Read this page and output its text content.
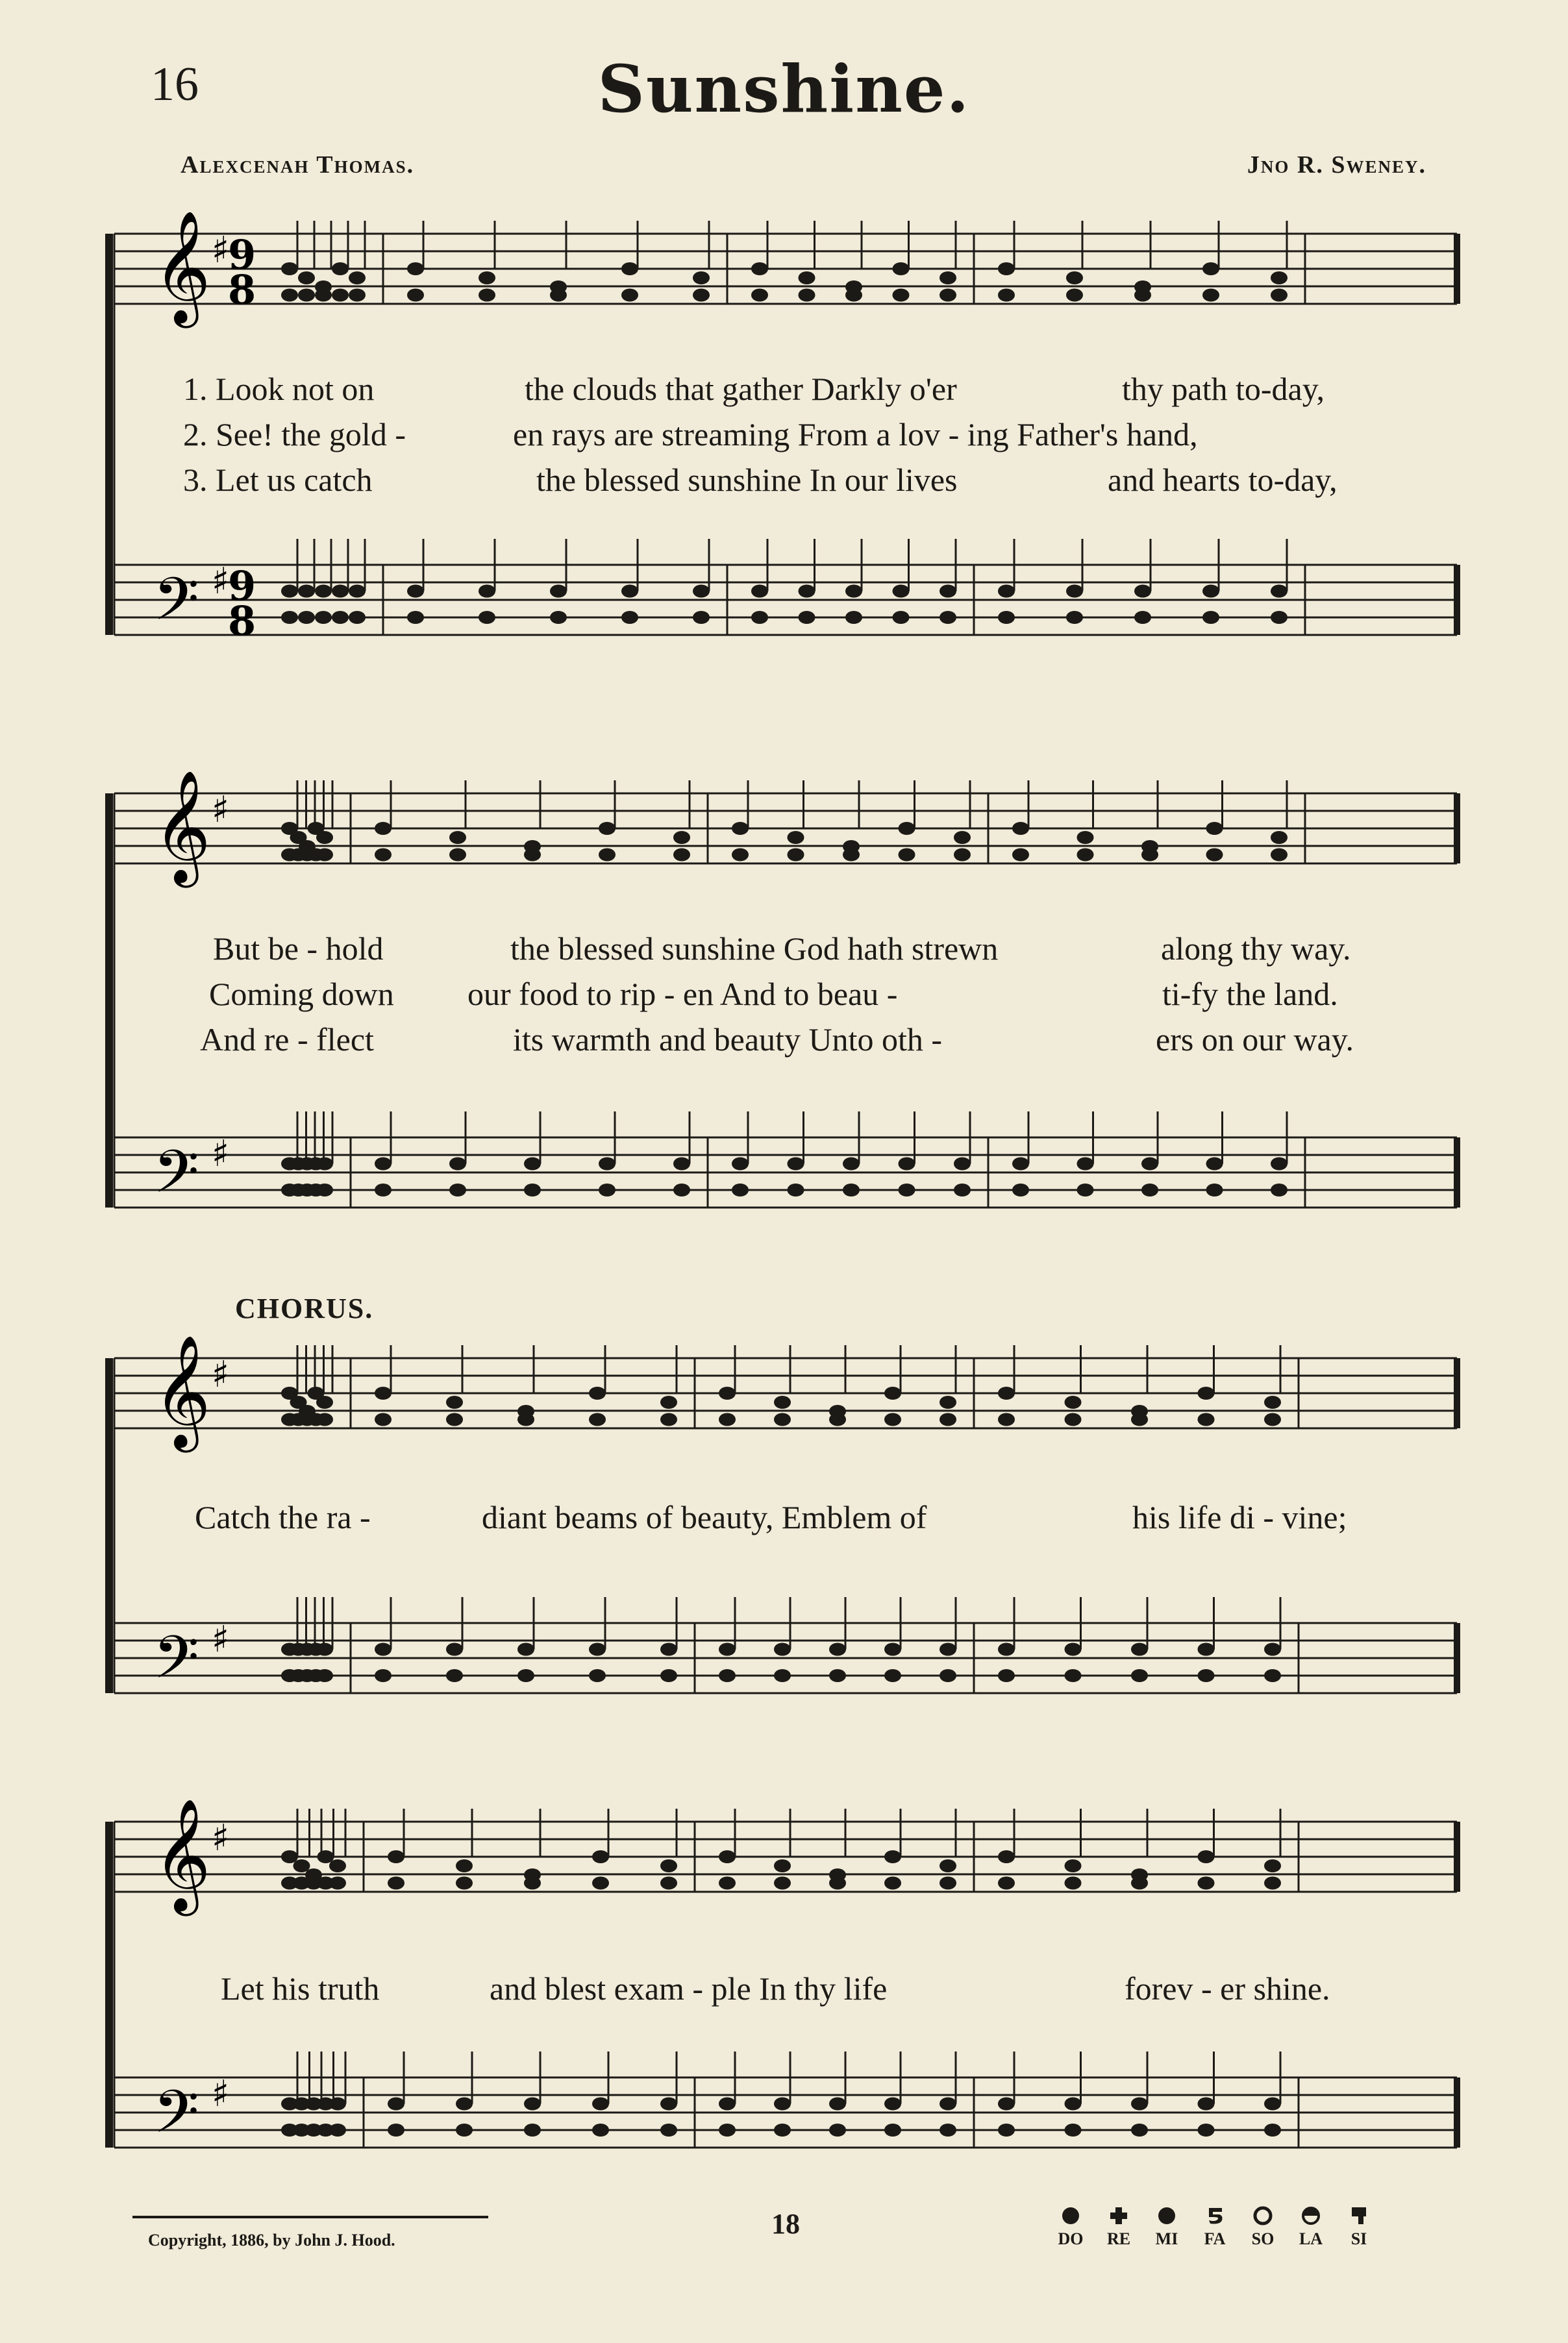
16	Sunshine.
Alexcenah Thomas.	Jno R. Sweney.
𝄞 ♯
𝄢 ♯
9
9
8
8
𝄞 ♯
𝄢 ♯
𝄞 ♯
𝄢 ♯
𝄞 ♯
𝄢 ♯
CHORUS.
1. Look not on	the clouds that gather Darkly o'er	thy path to-day,
2. See! the gold -	en rays are streaming From a lov - ing Father's hand,
3. Let us catch	the blessed sunshine In our lives	and hearts to-day,
But be - hold	the blessed sunshine God hath strewn	along thy way.
Coming down our food to rip - en And to beau -	ti-fy the land.
And re - flect	its warmth and beauty Unto oth -	ers on our way.
Catch the ra -	diant beams of beauty, Emblem of	his life di - vine;
Let his truth	and blest exam - ple In thy life	forev - er shine.
Copyright, 1886, by John J. Hood.
18	DO RE MI FA SO LA SI
